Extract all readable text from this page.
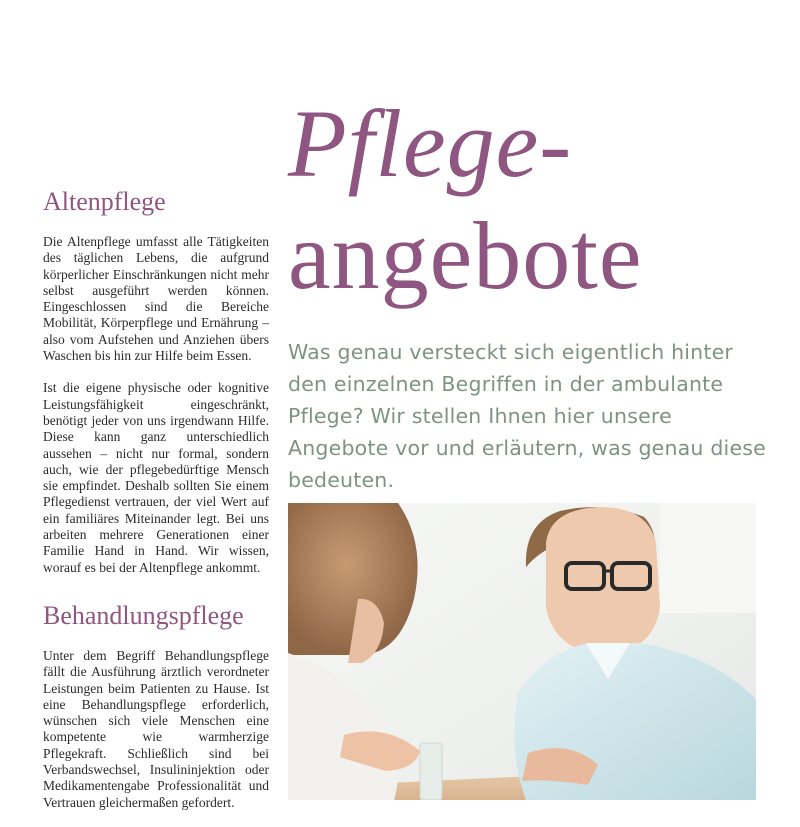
Pflege-
angebote

Was genau versteckt sich eigentlich hinter den einzelnen Begriffen in der ambulante Pflege? Wir stellen Ihnen hier unsere Angebote vor und erläutern, was genau diese bedeuten.

Altenpflege

Die Altenpflege umfasst alle Tätigkeiten des täglichen Lebens, die aufgrund körperlicher Einschränkungen nicht mehr selbst ausgeführt werden können. Eingeschlossen sind die Bereiche Mobilität, Körperpflege und Ernährung – also vom Aufstehen und Anziehen übers Waschen bis hin zur Hilfe beim Essen.

Ist die eigene physische oder kognitive Leistungsfähigkeit eingeschränkt, benötigt jeder von uns irgendwann Hilfe. Diese kann ganz unterschiedlich aussehen – nicht nur formal, sondern auch, wie der pflegebedürftige Mensch sie empfindet. Deshalb sollten Sie einem Pflegedienst vertrauen, der viel Wert auf ein familiäres Miteinander legt. Bei uns arbeiten mehrere Generationen einer Familie Hand in Hand. Wir wissen, worauf es bei der Altenpflege ankommt.

Behandlungspflege

Unter dem Begriff Behandlungspflege fällt die Ausführung ärztlich verordneter Leistungen beim Patienten zu Hause. Ist eine Behandlungspflege erforderlich, wünschen sich viele Menschen eine kompetente wie warmherzige Pflegekraft. Schließlich sind bei Verbandswechsel, Insulininjektion oder Medikamentengabe Professionalität und Vertrauen gleichermaßen gefordert.
